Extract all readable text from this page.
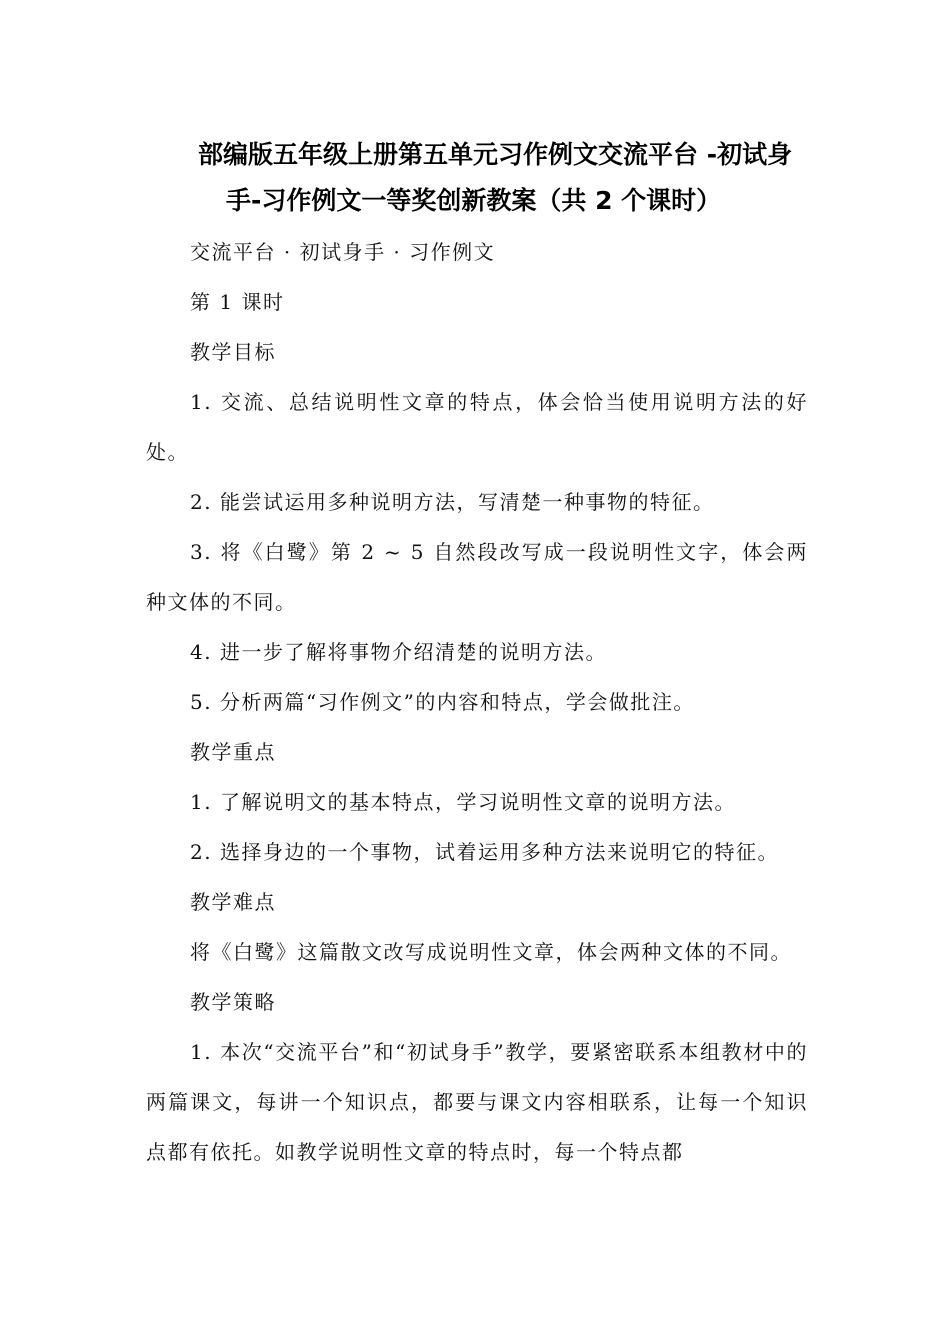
部编版五年级上册第五单元习作例文交流平台 -初试身
手-习作例文一等奖创新教案（共 2 个课时）

交流平台 · 初试身手 · 习作例文

第 1 课时

教学目标

1. 交流、总结说明性文章的特点，体会恰当使用说明方法的好处。

2. 能尝试运用多种说明方法，写清楚一种事物的特征。

3. 将《白鹭》第 2 ~ 5 自然段改写成一段说明性文字，体会两种文体的不同。

4. 进一步了解将事物介绍清楚的说明方法。

5. 分析两篇“习作例文”的内容和特点，学会做批注。

教学重点

1. 了解说明文的基本特点，学习说明性文章的说明方法。

2. 选择身边的一个事物，试着运用多种方法来说明它的特征。

教学难点

将《白鹭》这篇散文改写成说明性文章，体会两种文体的不同。

教学策略

1. 本次“交流平台”和“初试身手”教学，要紧密联系本组教材中的两篇课文，每讲一个知识点，都要与课文内容相联系，让每一个知识点都有依托。如教学说明性文章的特点时，每一个特点都
